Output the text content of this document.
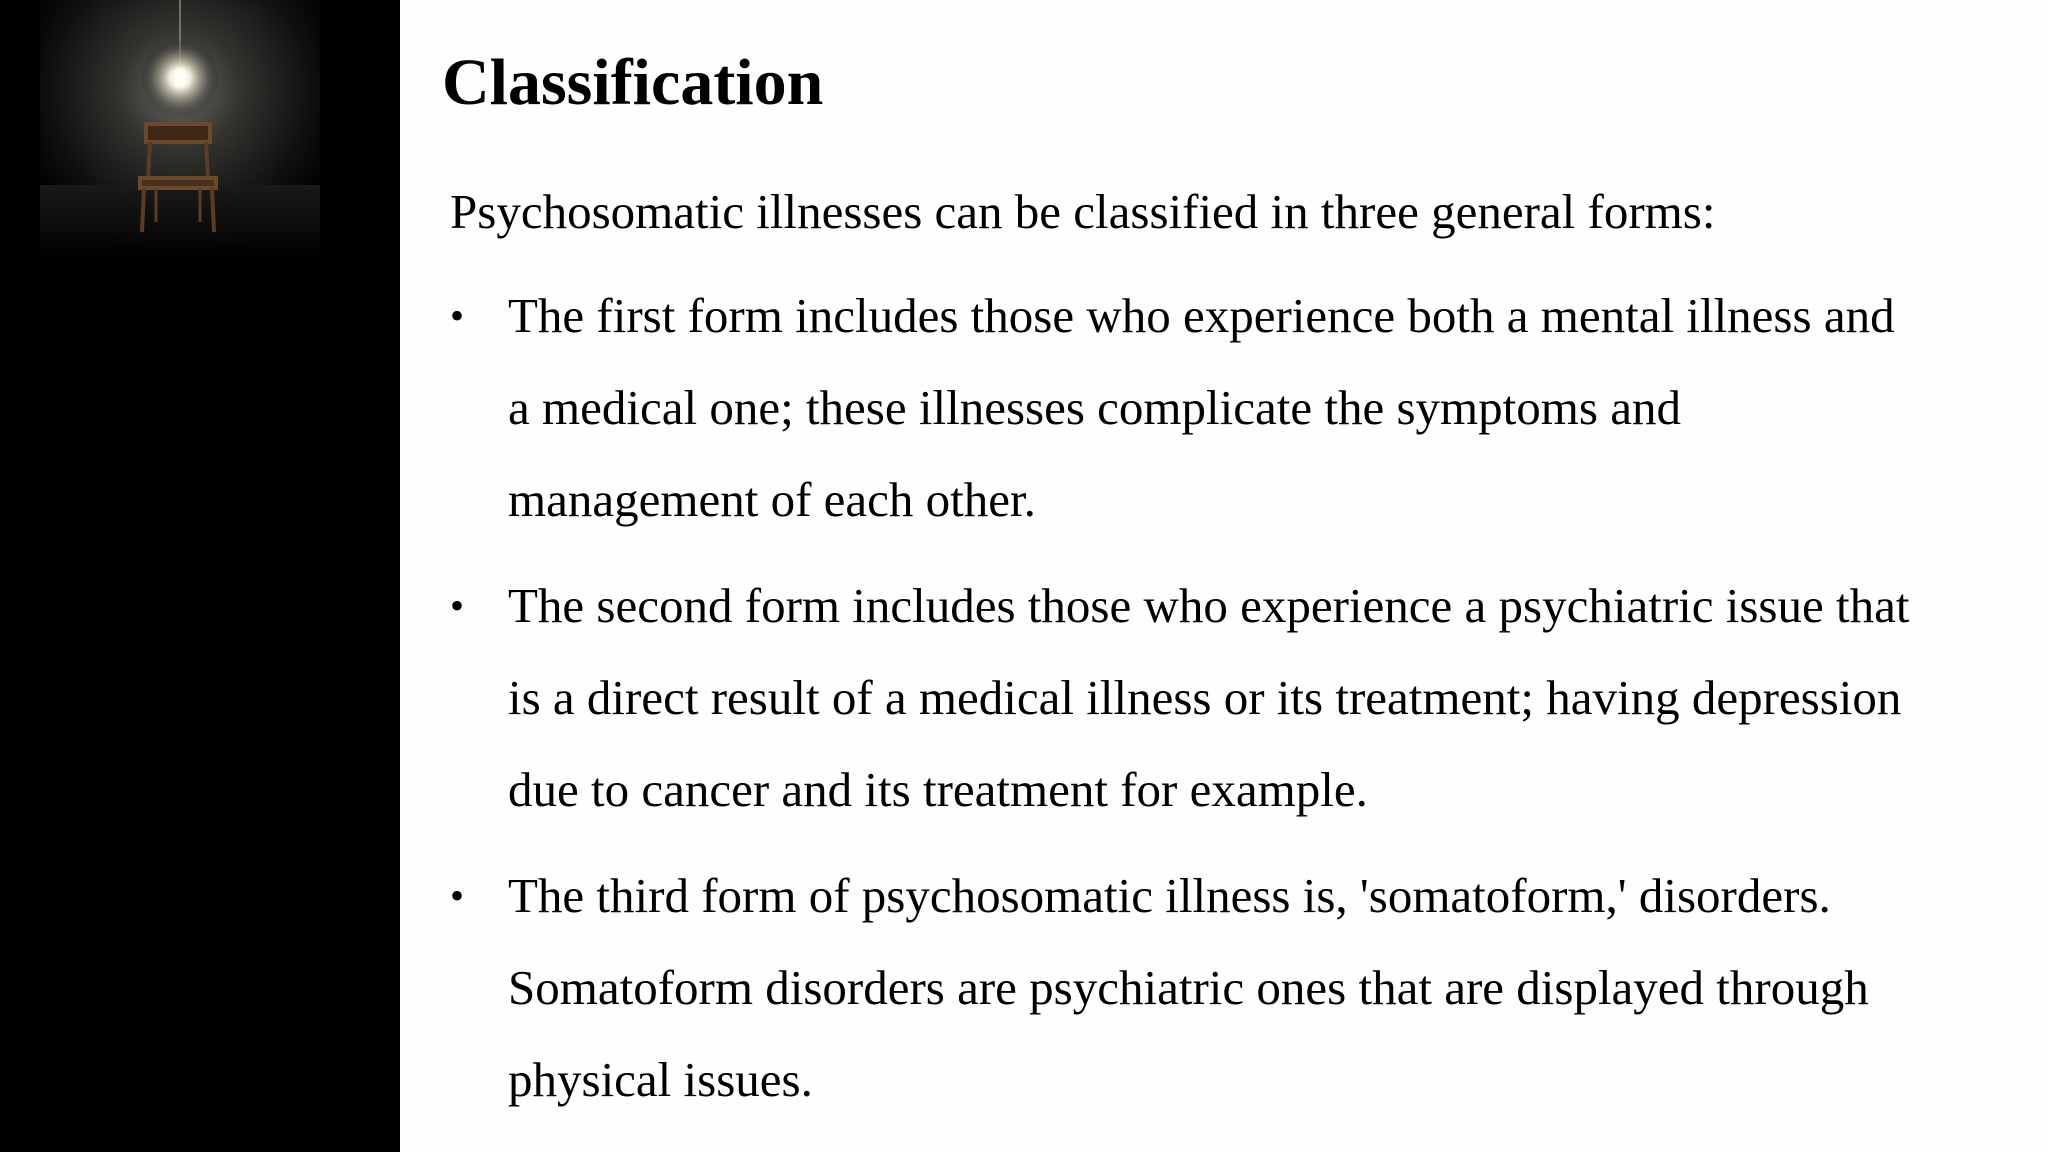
Classification

Psychosomatic illnesses can be classified in three general forms:

• The first form includes those who experience both a mental illness and
a medical one; these illnesses complicate the symptoms and
management of each other.
• The second form includes those who experience a psychiatric issue that
is a direct result of a medical illness or its treatment; having depression
due to cancer and its treatment for example.
• The third form of psychosomatic illness is, 'somatoform,' disorders.
Somatoform disorders are psychiatric ones that are displayed through
physical issues.
